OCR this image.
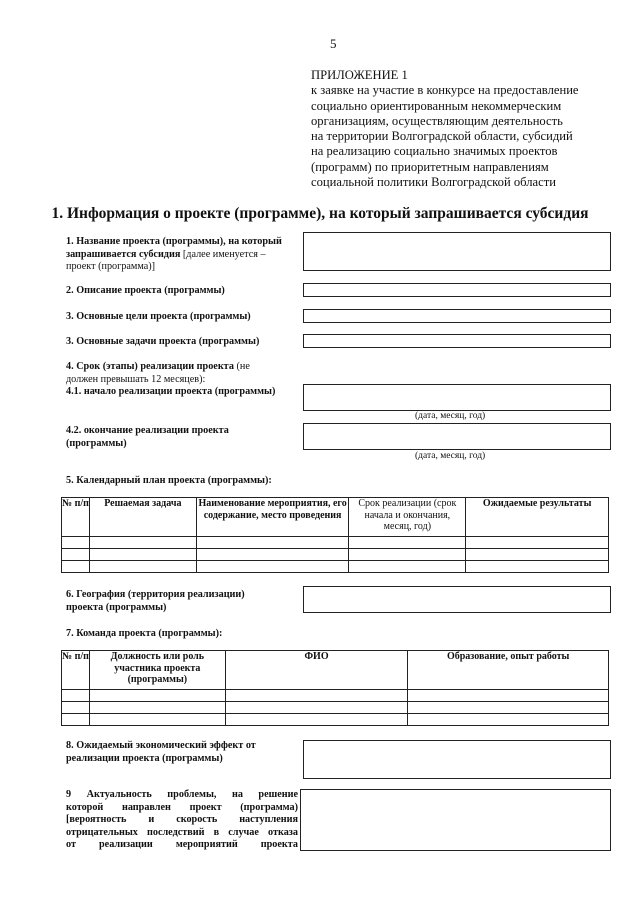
5
ПРИЛОЖЕНИЕ 1
к заявке на участие в конкурсе на предоставление
социально ориентированным некоммерческим
организациям, осуществляющим деятельность
на территории Волгоградской области, субсидий
на реализацию социально значимых проектов
(программ) по приоритетным направлениям
социальной политики Волгоградской области
1. Информация о проекте (программе), на который запрашивается субсидия
1. Название проекта (программы), на который
запрашивается субсидия [далее именуется –
проект (программа)]
2. Описание проекта (программы)
3. Основные цели проекта (программы)
3. Основные задачи проекта (программы)
4. Срок (этапы) реализации проекта (не
должен превышать 12 месяцев):
4.1. начало реализации проекта (программы)
(дата, месяц, год)
4.2. окончание реализации проекта
(программы)
(дата, месяц, год)
5. Календарный план проекта (программы):
№ п/п	Решаемая задача	Наименование мероприятия, его содержание, место проведения	Срок реализации (срок начала и окончания, месяц, год)	Ожидаемые результаты

6. География (территория реализации)
проекта (программы)
7. Команда проекта (программы):
№ п/п	Должность или роль участника проекта (программы)	ФИО	Образование, опыт работы

8. Ожидаемый экономический эффект от
реализации проекта (программы)
9 Актуальность проблемы, на решение
которой направлен проект (программа)
[вероятность и скорость наступления
отрицательных последствий в случае отказа
от реализации мероприятий проекта
